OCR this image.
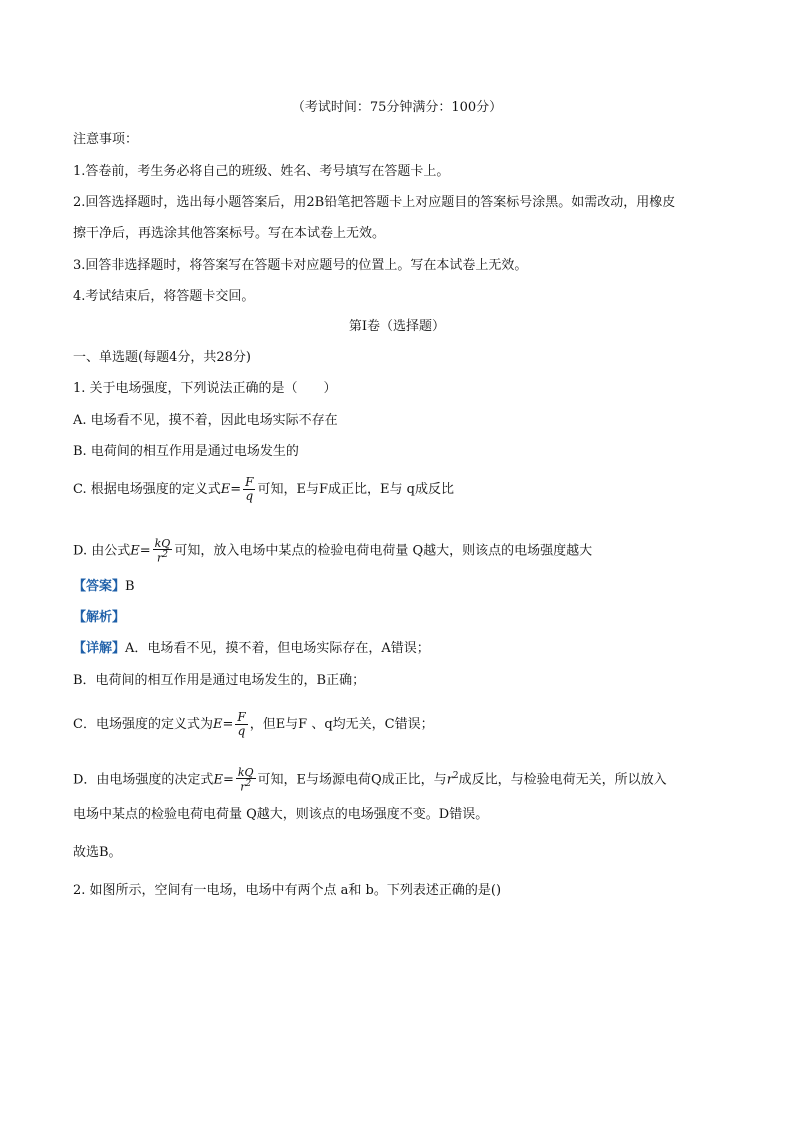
（考试时间：75分钟满分：100分）
注意事项：
1.答卷前，考生务必将自己的班级、姓名、考号填写在答题卡上。
2.回答选择题时，选出每小题答案后，用2B铅笔把答题卡上对应题目的答案标号涂黑。如需改动，用橡皮
擦干净后，再选涂其他答案标号。写在本试卷上无效。
3.回答非选择题时，将答案写在答题卡对应题号的位置上。写在本试卷上无效。
4.考试结束后，将答题卡交回。
第I卷（选择题）
一、单选题(每题4分，共28分)
1. 关于电场强度，下列说法正确的是（　　）
A. 电场看不见，摸不着，因此电场实际不存在
B. 电荷间的相互作用是通过电场发生的
C. 根据电场强度的定义式$E= \frac{F}{q}$ 可知，E与F成正比，E与 q成反比
D. 由公式$E= \frac{kQ}{r^2}$ 可知，放入电场中某点的检验电荷电荷量 Q越大，则该点的电场强度越大
【答案】B
【解析】
【详解】A．电场看不见，摸不着，但电场实际存在，A错误；
B．电荷间的相互作用是通过电场发生的，B正确；
C．电场强度的定义式为$E= \frac{F}{q}$ ，但E与F 、q均无关，C错误；
D．由电场强度的决定式$E= \frac{kQ}{r^2}$ 可知，E与场源电荷Q成正比，与$r^2$成反比，与检验电荷无关，所以放入
电场中某点的检验电荷电荷量 Q越大，则该点的电场强度不变。D错误。
故选B。
2. 如图所示，空间有一电场，电场中有两个点 a和 b。下列表述正确的是()
